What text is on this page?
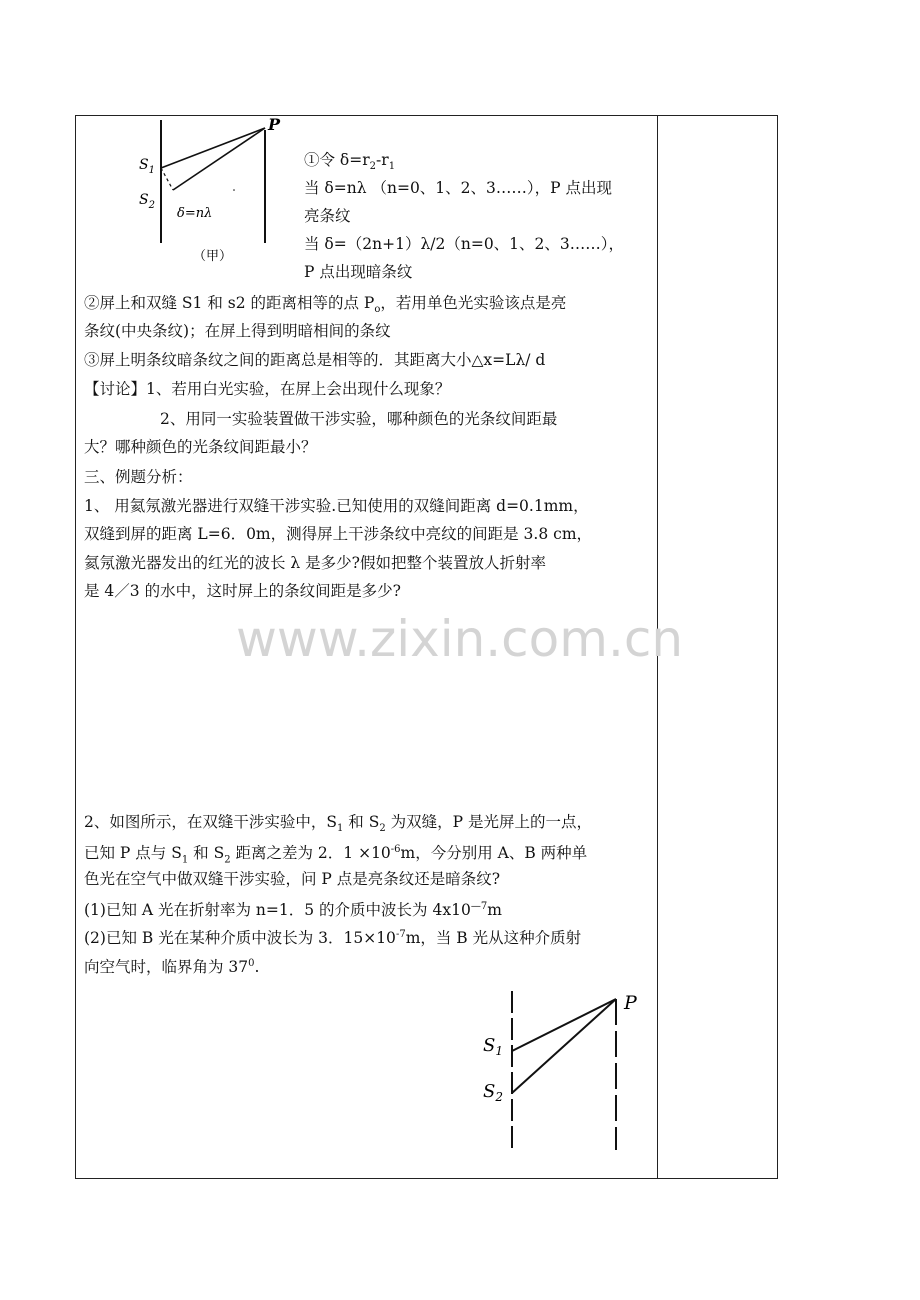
P
$S_1$
$S_2$
δ=nλ
（甲）
①令 $\delta=r_2-r_1$
当 δ=nλ （n=0、1、2、3……），P 点出现
亮条纹
当 δ=（2n+1）λ/2（n=0、1、2、3……），
P 点出现暗条纹
②屏上和双缝 S1 和 s2 的距离相等的点 $P_o$，若用单色光实验该点是亮
条纹(中央条纹)；在屏上得到明暗相间的条纹
③屏上明条纹暗条纹之间的距离总是相等的．其距离大小△x=Lλ/ d
【讨论】1、若用白光实验，在屏上会出现什么现象？
2、用同一实验装置做干涉实验，哪种颜色的光条纹间距最
大？哪种颜色的光条纹间距最小？
三、例题分析：
1、 用氦氖激光器进行双缝干涉实验.已知使用的双缝间距离 d=0.1mm，
双缝到屏的距离 L=6．0m，测得屏上干涉条纹中亮纹的间距是 3.8 cm，
氦氖激光器发出的红光的波长 λ 是多少?假如把整个装置放人折射率
是 4／3 的水中，这时屏上的条纹间距是多少?
www.zixin.com.cn
2、如图所示，在双缝干涉实验中，$S_1$ 和 $S_2$ 为双缝，P 是光屏上的一点，
已知 P 点与 $S_1$ 和 $S_2$ 距离之差为 2．$1 \times 10^{-6}m$，今分别用 A、B 两种单
色光在空气中做双缝干涉实验，问 P 点是亮条纹还是暗条纹?
(1)已知 A 光在折射率为 n=1．5 的介质中波长为 $4x10^{—7}m$
(2)已知 B 光在某种介质中波长为 3．$15\times 10^{-7}m$，当 B 光从这种介质射
向空气时，临界角为 $37^0$.
P
$S_1$
$S_2$
